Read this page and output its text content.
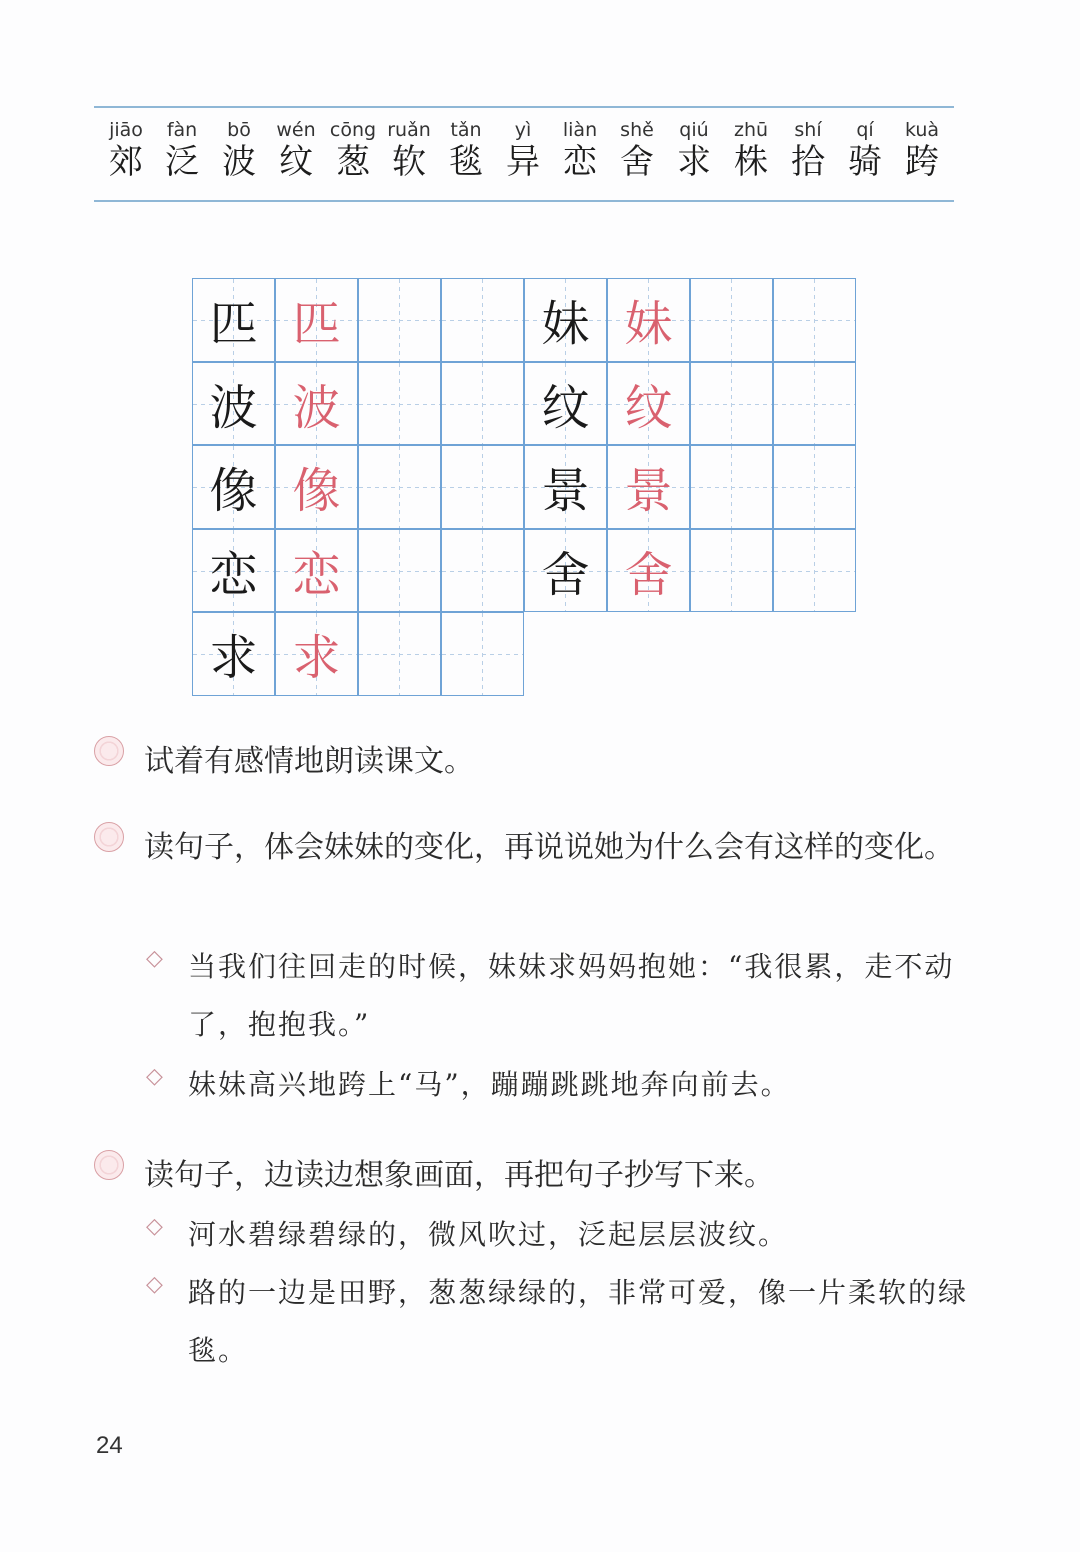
jiāo
郊
fàn
泛
bō
波
wén
纹
cōng
葱
ruǎn
软
tǎn
毯
yì
异
liàn
恋
shě
舍
qiú
求
zhū
株
shí
拾
qí
骑
kuà
跨
匹 匹
波 波
像 像
恋 恋
求 求
妹 妹
纹 纹
景 景
舍 舍
试着有感情地朗读课文。
读句子，体会妹妹的变化，再说说她为什么会有这样的变化。
◇ 当我们往回走的时候，妹妹求妈妈抱她：“我很累，走不动了，抱抱我。”
◇ 妹妹高兴地跨上“马”，蹦蹦跳跳地奔向前去。
读句子，边读边想象画面，再把句子抄写下来。
◇ 河水碧绿碧绿的，微风吹过，泛起层层波纹。
◇ 路的一边是田野，葱葱绿绿的，非常可爱，像一片柔软的绿毯。
24
